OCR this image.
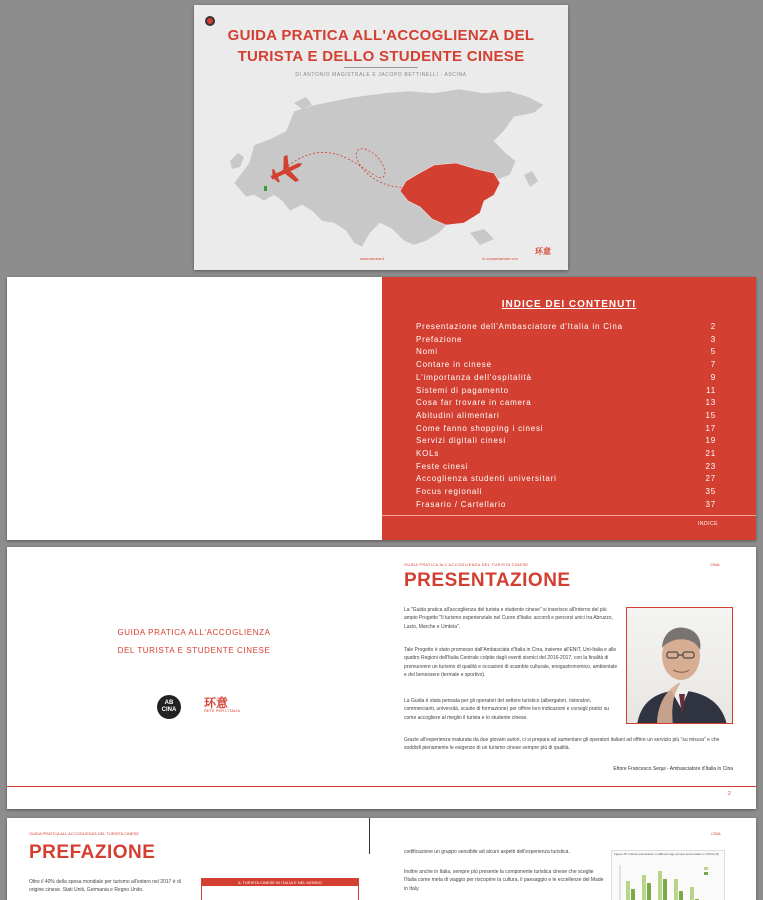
GUIDA PRATICA ALL'ACCOGLIENZA DEL
TURISTA E DELLO STUDENTE CINESE
DI ANTONIO MAGISTRALE E JACOPO BETTINELLI · ASCINA
www.ascina.it	in cooperazione con
环意
INDICE DEI CONTENUTI
Presentazione dell'Ambasciatore d'Italia in Cina	2
Prefazione	3
Nomi	5
Contare in cinese	7
L'importanza dell'ospitalità	9
Sistemi di pagamento	11
Cosa far trovare in camera	13
Abitudini alimentari	15
Come fanno shopping i cinesi	17
Servizi digitali cinesi	19
KOLs	21
Feste cinesi	23
Accoglienza studenti universitari	27
Focus regionali	35
Frasario / Cartellario	37
INDICE
GUIDA PRATICA ALL'ACCOGLIENZA
DEL TURISTA E STUDENTE CINESE
AB
CINA	环意
RETE PER L'ITALIA
GUIDA PRATICA ALL'ACCOGLIENZA DEL TURISTA CINESE	CINA
PRESENTAZIONE

La "Guida pratica all'accoglienza del turista e studente cinese" si inserisce all'interno del più ampio Progetto "Il turismo esperienziale nel Cuore d'Italia: accordi e percorsi unici tra Abruzzo, Lazio, Marche e Umbria".

Tale Progetto è stato promosso dall'Ambasciata d'Italia in Cina, insieme all'ENIT, Uni-Italia e alle quattro Regioni dell'Italia Centrale colpite dagli eventi sismici del 2016-2017, con la finalità di promuovere un turismo di qualità e occasioni di scambio culturale, enogastronomico, ambientale e del benessere (termale e sportivo).

La Guida è stata pensata per gli operatori del settore turistico (albergatori, ristoratori, commercianti, università, scuole di formazione) per offrire loro indicazioni e consigli pratici su come accogliere al meglio il turista e lo studente cinese.

Grazie all'esperienza maturata da due giovani autori, ci si prepara ad aumentare gli operatori italiani ad offrire un servizio più "su misura" e che soddisfi pienamente le esigenze di un turismo cinese sempre più di qualità.

Ettore Francesco Sequi - Ambasciatore d'Italia in Cina
2
GUIDA PRATICA ALL'ACCOGLIENZA DEL TURISTA CINESE
PREFAZIONE

Oltre il 40% della spesa mondiale per turismo all'estero nel 2017 è di origine cinese. Stati Uniti, Germania e Regno Unito.

IL TURISTA CINESE IN ITALIA E NEL MONDO
CINA

codificazione un gruppo sensibile ad alcuni aspetti dell'esperienza turistica.

Inoltre anche in Italia, sempre più presente la componente turistica cinese che sceglie l'Italia come meta di viaggio per riscoprire la cultura, il paesaggio e le eccellenze del Made in Italy.

Figure 35. Interest penetration in different age groups and location in China (%)
